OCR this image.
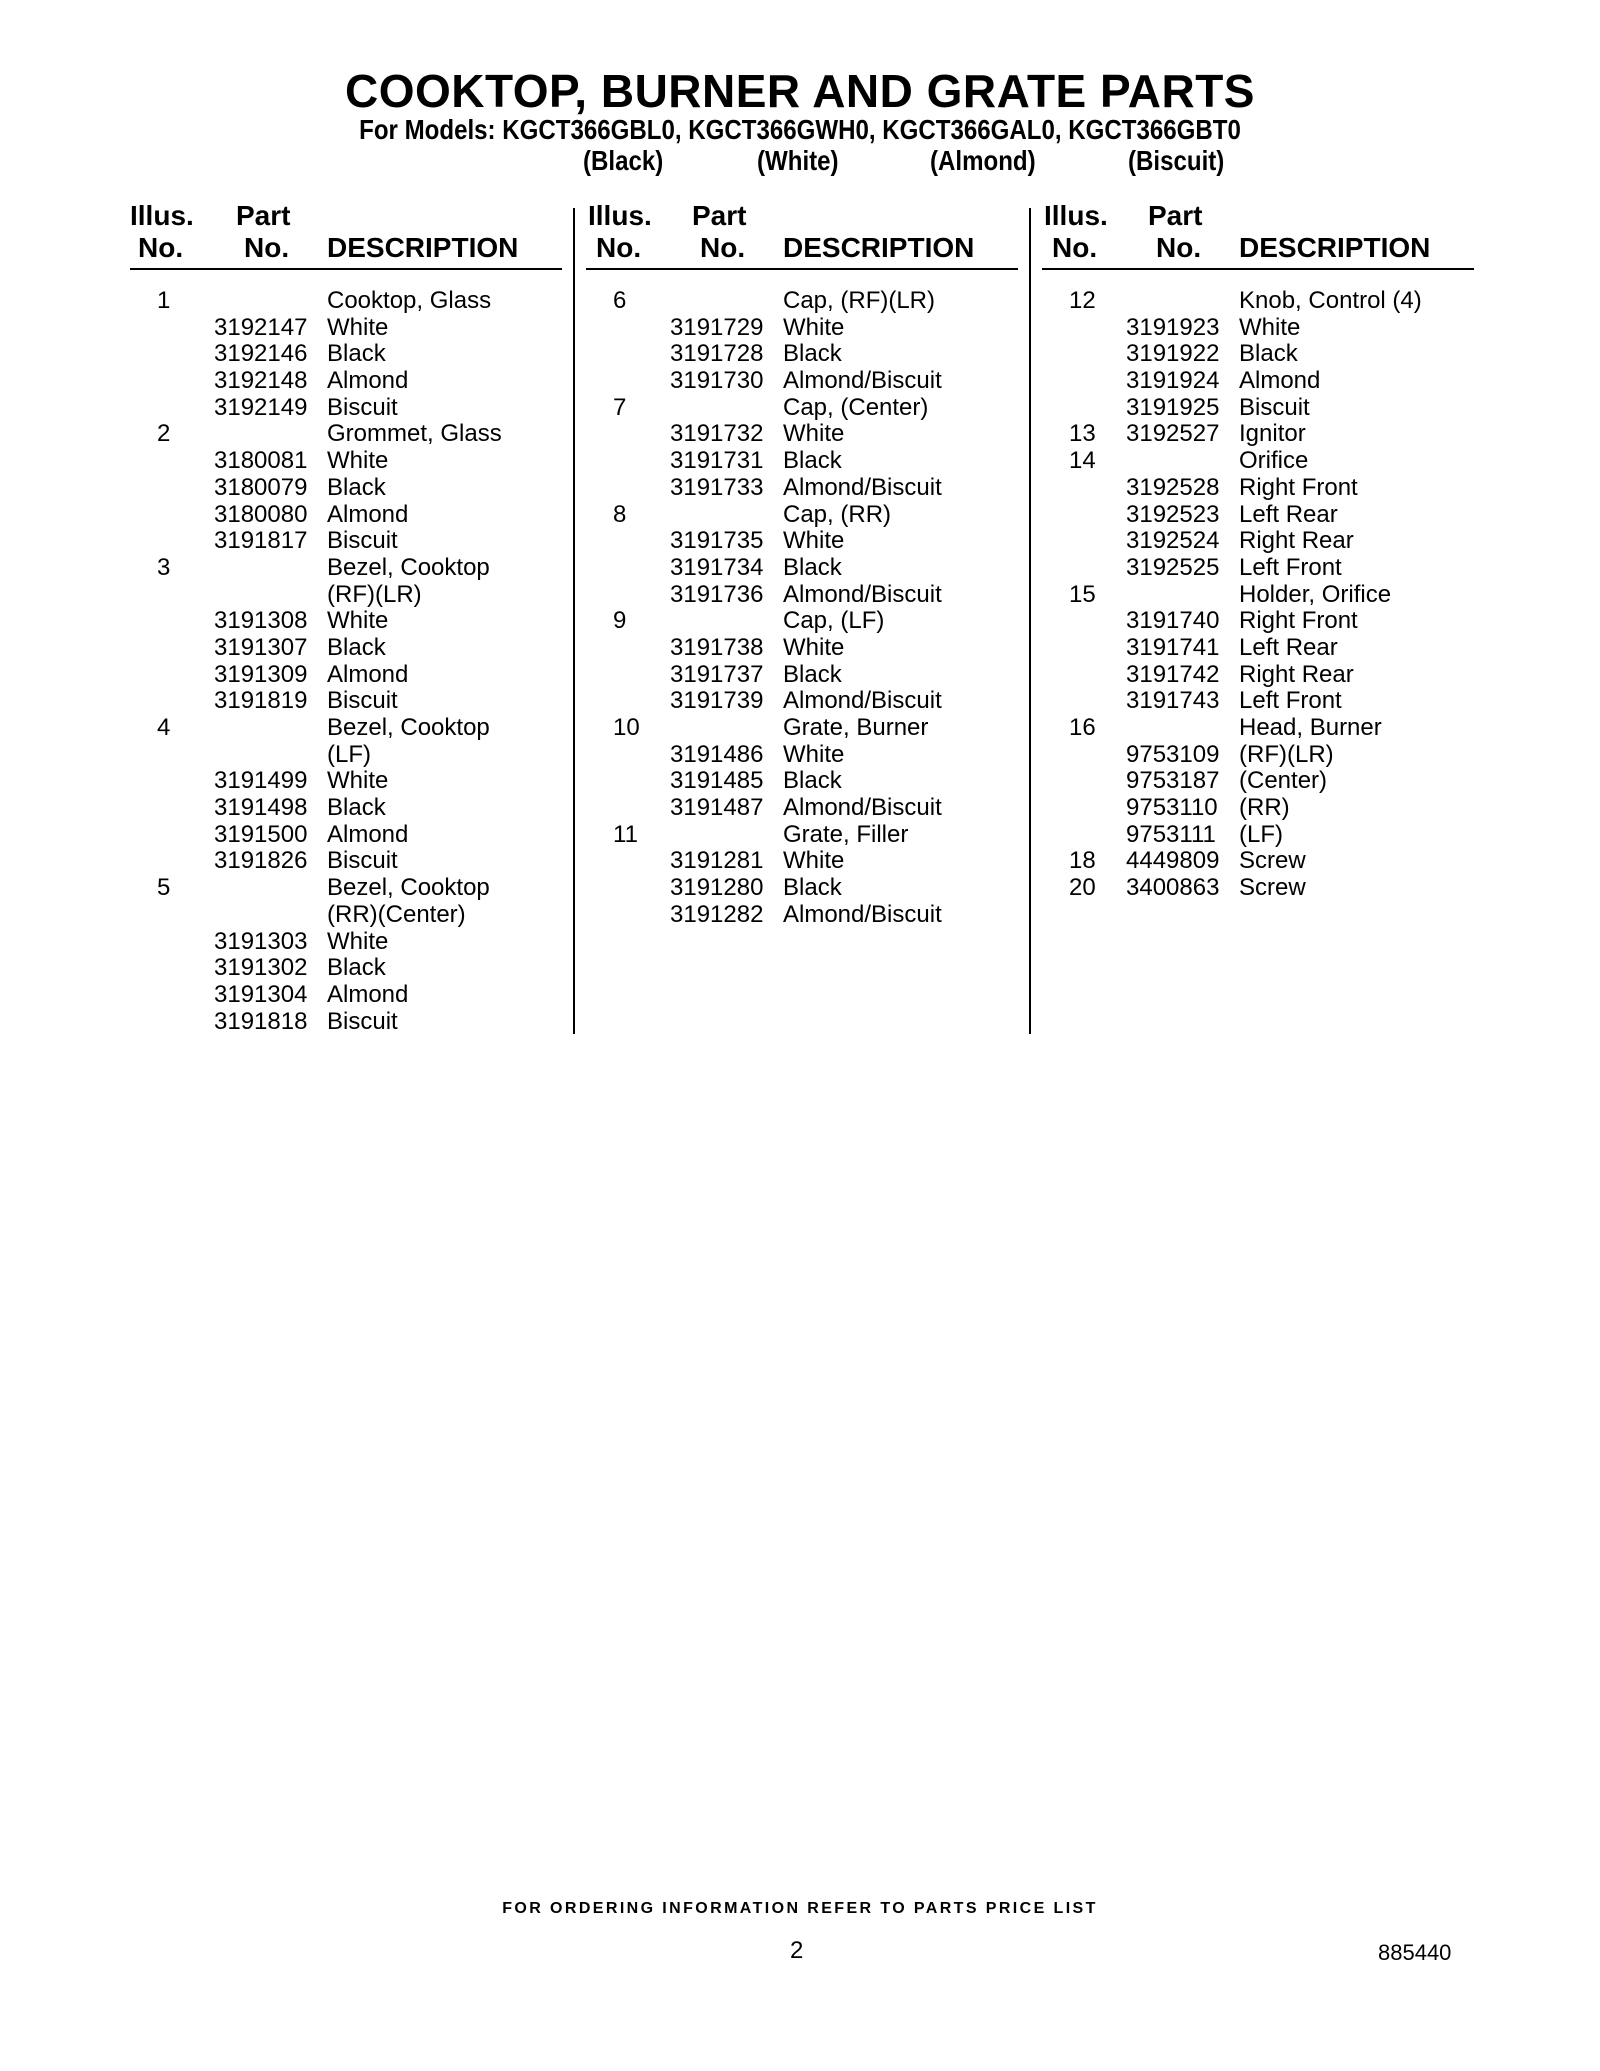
COOKTOP, BURNER AND GRATE PARTS
For Models: KGCT366GBL0, KGCT366GWH0, KGCT366GAL0, KGCT366GBT0
(Black)	(White)	(Almond)	(Biscuit)
Illus. Part
No. No. DESCRIPTION
Illus. Part
No. No. DESCRIPTION
Illus. Part
No. No. DESCRIPTION
1	Cooktop, Glass
3192147 White
3192146 Black
3192148 Almond
3192149 Biscuit
2	Grommet, Glass
3180081 White
3180079 Black
3180080 Almond
3191817 Biscuit
3	Bezel, Cooktop
(RF)(LR)
3191308 White
3191307 Black
3191309 Almond
3191819 Biscuit
4	Bezel, Cooktop
(LF)
3191499 White
3191498 Black
3191500 Almond
3191826 Biscuit
5	Bezel, Cooktop
(RR)(Center)
3191303 White
3191302 Black
3191304 Almond
3191818 Biscuit
6	Cap, (RF)(LR)
3191729 White
3191728 Black
3191730 Almond/Biscuit
7	Cap, (Center)
3191732 White
3191731 Black
3191733 Almond/Biscuit
8	Cap, (RR)
3191735 White
3191734 Black
3191736 Almond/Biscuit
9	Cap, (LF)
3191738 White
3191737 Black
3191739 Almond/Biscuit
10	Grate, Burner
3191486 White
3191485 Black
3191487 Almond/Biscuit
11	Grate, Filler
3191281 White
3191280 Black
3191282 Almond/Biscuit
12	Knob, Control (4)
3191923 White
3191922 Black
3191924 Almond
3191925 Biscuit
13 3192527 Ignitor
14	Orifice
3192528 Right Front
3192523 Left Rear
3192524 Right Rear
3192525 Left Front
15	Holder, Orifice
3191740 Right Front
3191741 Left Rear
3191742 Right Rear
3191743 Left Front
16	Head, Burner
9753109 (RF)(LR)
9753187 (Center)
9753110 (RR)
9753111 (LF)
18 4449809 Screw
20 3400863 Screw
FOR ORDERING INFORMATION REFER TO PARTS PRICE LIST
2	885440
